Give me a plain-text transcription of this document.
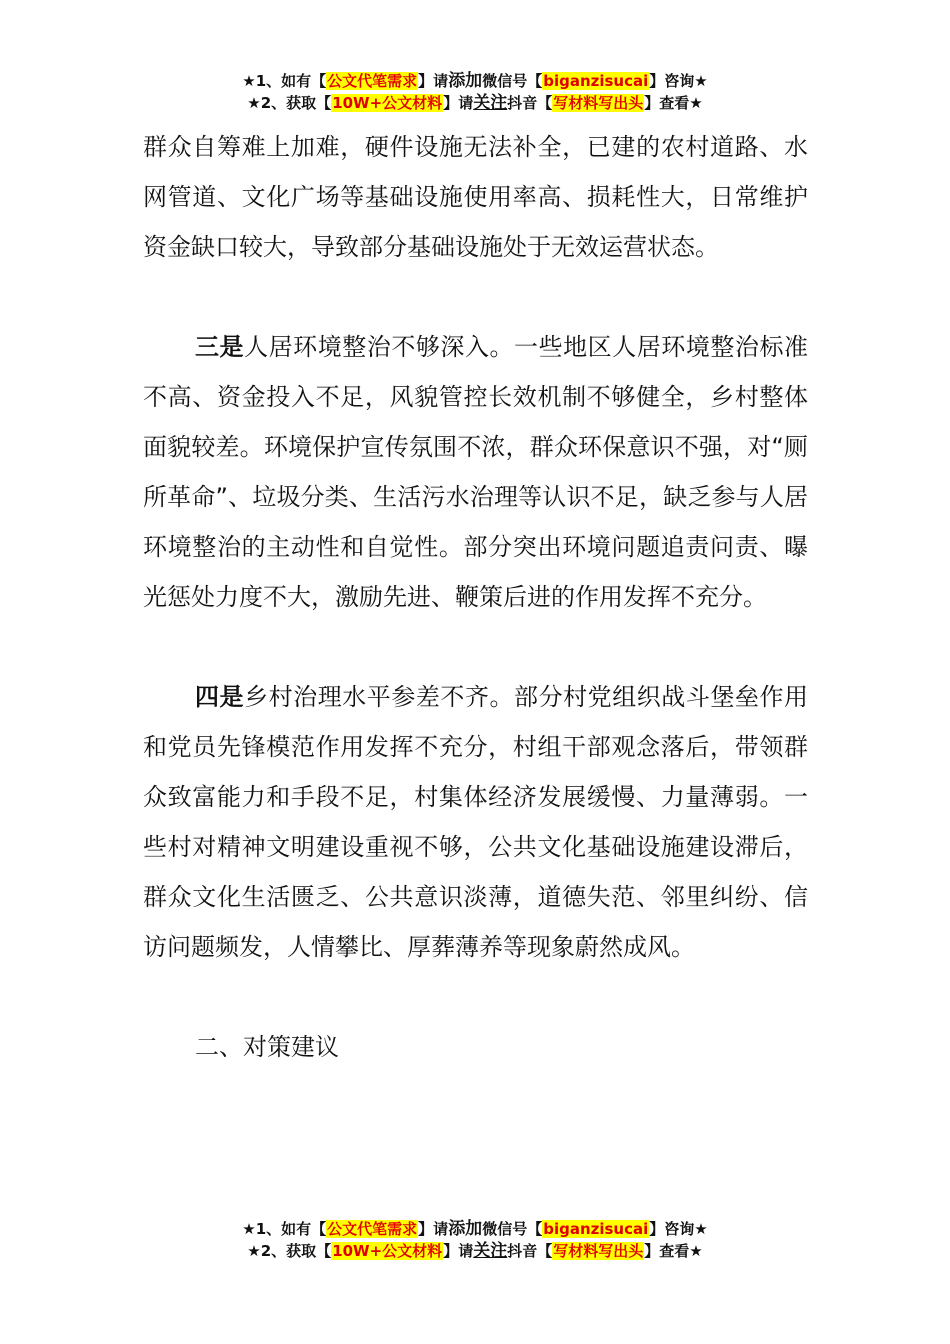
★1、如有【公文代笔需求】请添加微信号【biganzisucai】咨询★
★2、获取【10W+公文材料】请关注抖音【写材料写出头】查看★

群众自筹难上加难，硬件设施无法补全，已建的农村道路、水网管道、文化广场等基础设施使用率高、损耗性大，日常维护资金缺口较大，导致部分基础设施处于无效运营状态。

三是人居环境整治不够深入。一些地区人居环境整治标准不高、资金投入不足，风貌管控长效机制不够健全，乡村整体面貌较差。环境保护宣传氛围不浓，群众环保意识不强，对“厕所革命”、垃圾分类、生活污水治理等认识不足，缺乏参与人居环境整治的主动性和自觉性。部分突出环境问题追责问责、曝光惩处力度不大，激励先进、鞭策后进的作用发挥不充分。

四是乡村治理水平参差不齐。部分村党组织战斗堡垒作用和党员先锋模范作用发挥不充分，村组干部观念落后，带领群众致富能力和手段不足，村集体经济发展缓慢、力量薄弱。一些村对精神文明建设重视不够，公共文化基础设施建设滞后，群众文化生活匮乏、公共意识淡薄，道德失范、邻里纠纷、信访问题频发，人情攀比、厚葬薄养等现象蔚然成风。

二、对策建议

★1、如有【公文代笔需求】请添加微信号【biganzisucai】咨询★
★2、获取【10W+公文材料】请关注抖音【写材料写出头】查看★
